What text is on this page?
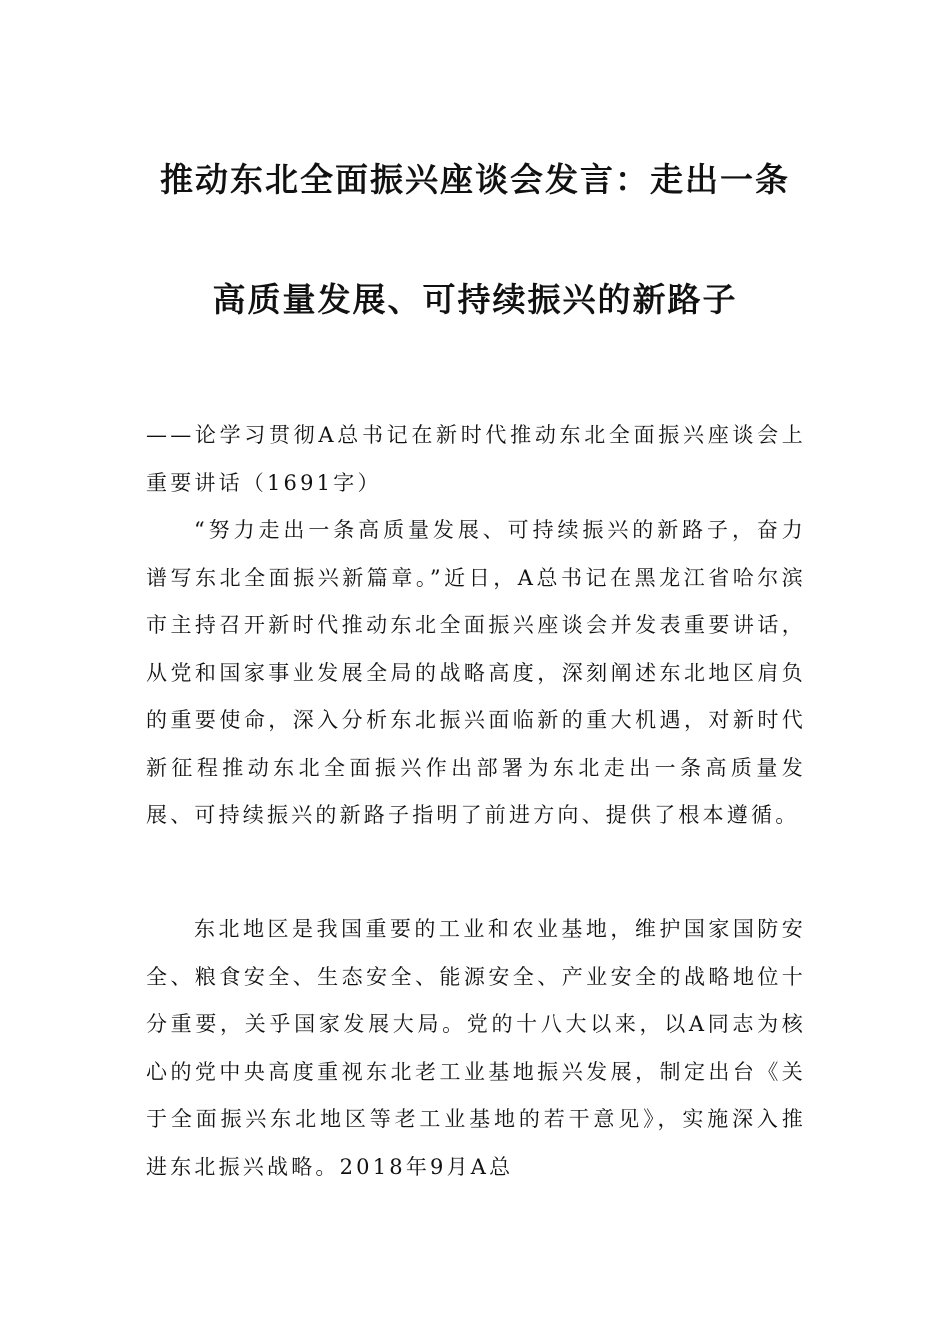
推动东北全面振兴座谈会发言：走出一条
高质量发展、可持续振兴的新路子

——论学习贯彻A总书记在新时代推动东北全面振兴座谈会上重要讲话（1691字）

“努力走出一条高质量发展、可持续振兴的新路子，奋力谱写东北全面振兴新篇章。”近日，A总书记在黑龙江省哈尔滨市主持召开新时代推动东北全面振兴座谈会并发表重要讲话，从党和国家事业发展全局的战略高度，深刻阐述东北地区肩负的重要使命，深入分析东北振兴面临新的重大机遇，对新时代新征程推动东北全面振兴作出部署为东北走出一条高质量发展、可持续振兴的新路子指明了前进方向、提供了根本遵循。

东北地区是我国重要的工业和农业基地，维护国家国防安全、粮食安全、生态安全、能源安全、产业安全的战略地位十分重要，关乎国家发展大局。党的十八大以来，以A同志为核心的党中央高度重视东北老工业基地振兴发展，制定出台《关于全面振兴东北地区等老工业基地的若干意见》，实施深入推进东北振兴战略。2018年9月A总
